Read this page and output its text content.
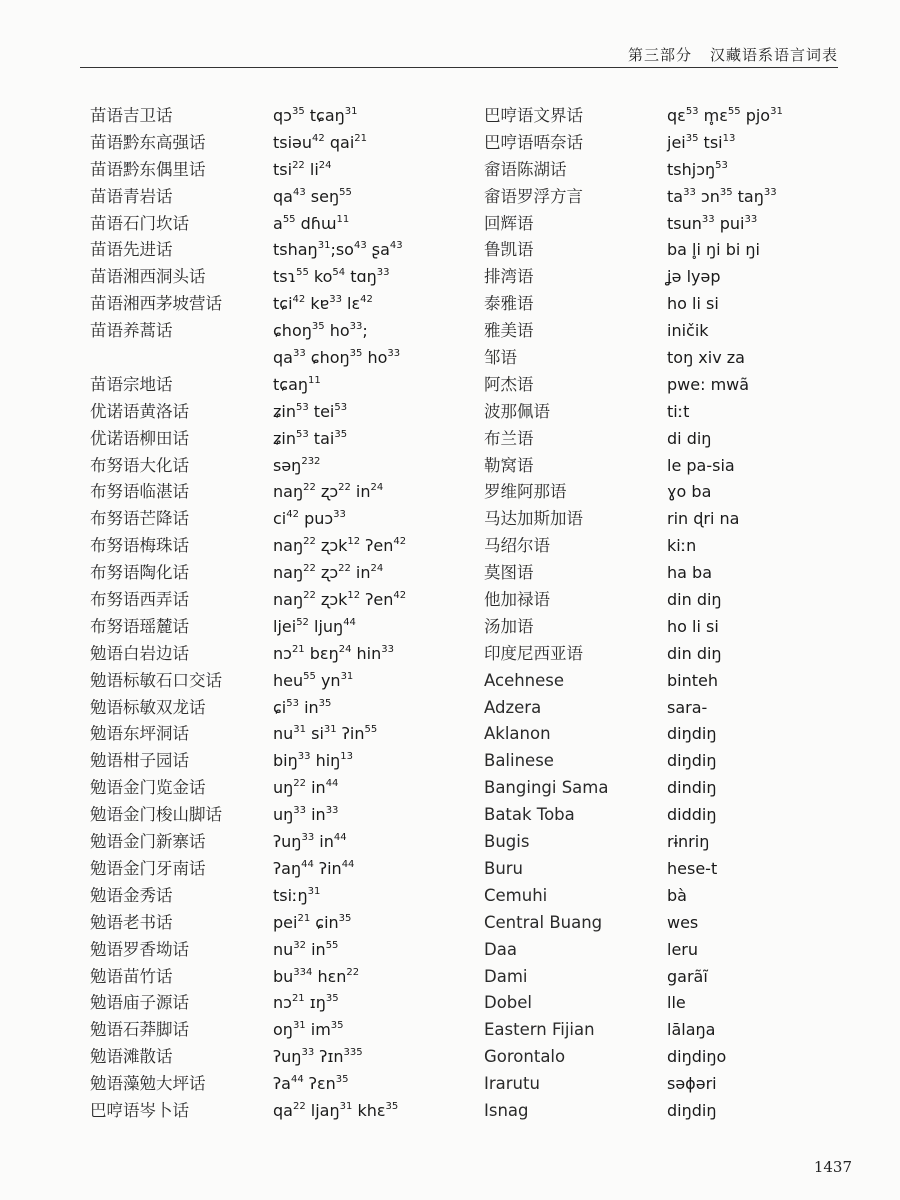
第三部分 汉藏语系语言词表
苗语吉卫话
苗语黔东高强话
苗语黔东偶里话
苗语青岩话
苗语石门坎话
苗语先进话
苗语湘西洞头话
苗语湘西茅坡营话
苗语养蒿话

苗语宗地话
优诺语黄洛话
优诺语柳田话
布努语大化话
布努语临湛话
布努语芒降话
布努语梅珠话
布努语陶化话
布努语西弄话
布努语瑶麓话
勉语白岩边话
勉语标敏石口交话
勉语标敏双龙话
勉语东坪洞话
勉语柑子园话
勉语金门览金话
勉语金门梭山脚话
勉语金门新寨话
勉语金门牙南话
勉语金秀话
勉语老书话
勉语罗香坳话
勉语苗竹话
勉语庙子源话
勉语石莽脚话
勉语滩散话
勉语藻勉大坪话
巴哼语岑卜话
qɔ$^{35}$ tɕaŋ$^{31}$
tsiəu$^{42}$ qai$^{21}$
tsi$^{22}$ $li^{24}$
$qa^{43}$ seŋ$^{55}$
$a^{55}$ dɦɯ$^{11}$
$tshaŋ^{31};so^{43}$ ʂa$^{43}$
tsɿ$^{55}$ $ko^{54}$ tɑŋ$^{33}$
tɕi$^{42}$ kɐ$^{33}$ lɛ$^{42}$
ɕhoŋ$^{35}$ $ho^{33}$;
$qa^{33}$ ɕhoŋ$^{35}$ $ho^{33}$
tɕaŋ$^{11}$
ʑin$^{53}$ tei$^{53}$
ʑin$^{53}$ tai$^{35}$
səŋ$^{232}$
naŋ$^{22}$ ʐɔ$^{22}$ $in^{24}$
$ci^{42}$ puɔ$^{33}$
naŋ$^{22}$ ʐɔk$^{12}$ ʔen$^{42}$
naŋ$^{22}$ ʐɔ$^{22}$ $in^{24}$
naŋ$^{22}$ ʐɔk$^{12}$ ʔen$^{42}$
ljei$^{52}$ ljuŋ$^{44}$
nɔ$^{21}$ bɛŋ$^{24}$ hin$^{33}$
heu$^{55}$ $yn^{31}$
ɕi$^{53}$ $in^{35}$
$nu^{31}$ $si^{31}$ ʔin$^{55}$
biŋ$^{33}$ hiŋ$^{13}$
$uŋ^{22}$ $in^{44}$
$uŋ^{33}$ $in^{33}$
ʔuŋ$^{33}$ $in^{44}$
ʔaŋ$^{44}$ ʔin$^{44}$
tsiːŋ$^{31}$
pei$^{21}$ ɕin$^{35}$
$nu^{32}$ $in^{55}$
$bu^{334}$ hɛn$^{22}$
nɔ$^{21}$ ɪŋ$^{35}$
$oŋ^{31}$ $im^{35}$
ʔuŋ$^{33}$ ʔɪn$^{335}$
ʔa$^{44}$ ʔɛn$^{35}$
$qa^{22}$ ljaŋ$^{31}$ khɛ$^{35}$
巴哼语文界话
巴哼语唔奈话
畲语陈湖话
畲语罗浮方言
回辉语
鲁凯语
排湾语
泰雅语
雅美语
邹语
阿杰语
波那佩语
布兰语
勒窝语
罗维阿那语
马达加斯加语
马绍尔语
莫图语
他加禄语
汤加语
印度尼西亚语
Acehnese
Adzera
Aklanon
Balinese
Bangingi Sama
Batak Toba
Bugis
Buru
Cemuhi
Central Buang
Daa
Dami
Dobel
Eastern Fijian
Gorontalo
Irarutu
Isnag
qɛ$^{53}$ m̥ɛ$^{55}$ pjo$^{31}$
jei$^{35}$ tsi$^{13}$
tshjɔŋ$^{53}$
$ta^{33}$ ɔn$^{35}$ taŋ$^{33}$
tsun$^{33}$ pui$^{33}$
ba l̥i ŋi bi ŋi
ʝə lyəp
ho li si
iničik
toŋ xiv za
pwe: mwã
tiːt
di diŋ
le pa-sia
ɣo ba
rin ɖri na
kiːn
ha ba
din diŋ
ho li si
din diŋ
binteh
sara-
diŋdiŋ
diŋdiŋ
dindiŋ
diddiŋ
rɨnriŋ
hese-t
bà
wes
leru
garãĩ
lle
lālaŋa
diŋdiŋo
səɸəri
diŋdiŋ
1437
